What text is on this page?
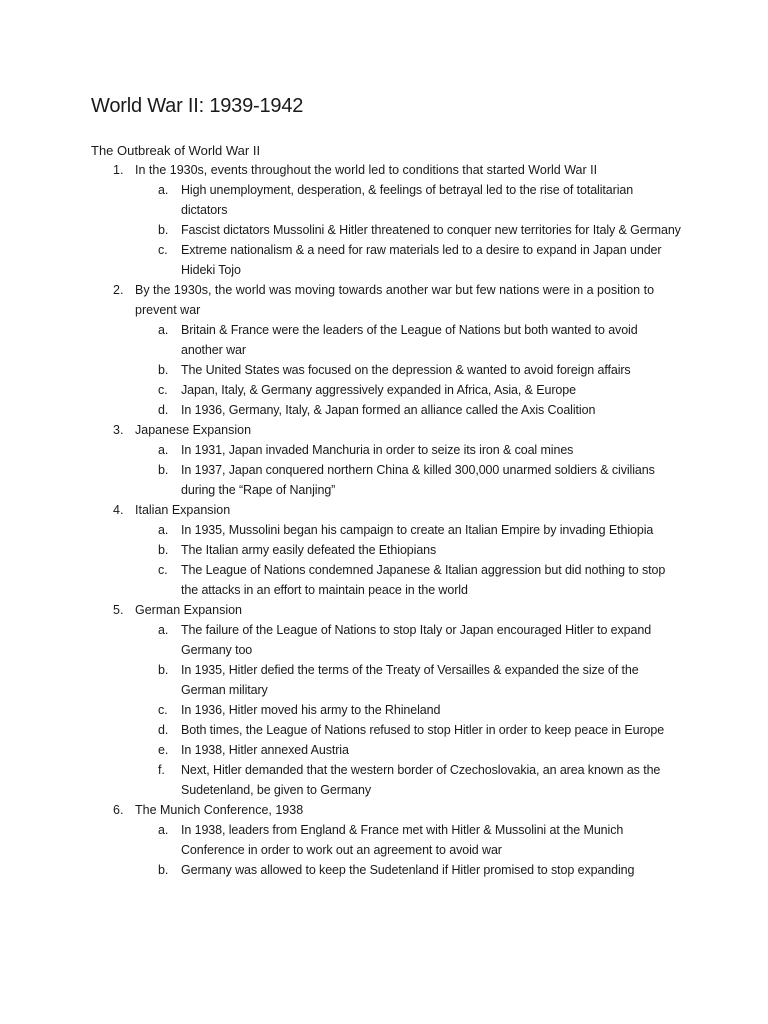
World War II: 1939-1942
The Outbreak of World War II
1. In the 1930s, events throughout the world led to conditions that started World War II
a.	High unemployment, desperation, & feelings of betrayal led to the rise of totalitarian dictators
b.	Fascist dictators Mussolini & Hitler threatened to conquer new territories for Italy & Germany
c.	Extreme nationalism & a need for raw materials led to a desire to expand in Japan under Hideki Tojo
2. By the 1930s, the world was moving towards another war but few nations were in a position to prevent war
a.	Britain & France were the leaders of the League of Nations but both wanted to avoid another war
b.	The United States was focused on the depression & wanted to avoid foreign affairs
c.	Japan, Italy, & Germany aggressively expanded in Africa, Asia, & Europe
d.	In 1936, Germany, Italy, & Japan formed an alliance called the Axis Coalition
3. Japanese Expansion
a.	In 1931, Japan invaded Manchuria in order to seize its iron & coal mines
b.	In 1937, Japan conquered northern China & killed 300,000 unarmed soldiers & civilians during the “Rape of Nanjing”
4. Italian Expansion
a.	In 1935, Mussolini began his campaign to create an Italian Empire by invading Ethiopia
b.	The Italian army easily defeated the Ethiopians
c.	The League of Nations condemned Japanese & Italian aggression but did nothing to stop the attacks in an effort to maintain peace in the world
5. German Expansion
a.	The failure of the League of Nations to stop Italy or Japan encouraged Hitler to expand Germany too
b.	In 1935, Hitler defied the terms of the Treaty of Versailles & expanded the size of the German military
c.	In 1936, Hitler moved his army to the Rhineland
d.	Both times, the League of Nations refused to stop Hitler in order to keep peace in Europe
e.	In 1938, Hitler annexed Austria
f.	Next, Hitler demanded that the western border of Czechoslovakia, an area known as the Sudetenland, be given to Germany
6. The Munich Conference, 1938
a.	In 1938, leaders from England & France met with Hitler & Mussolini at the Munich Conference in order to work out an agreement to avoid war
b.	Germany was allowed to keep the Sudetenland if Hitler promised to stop expanding
